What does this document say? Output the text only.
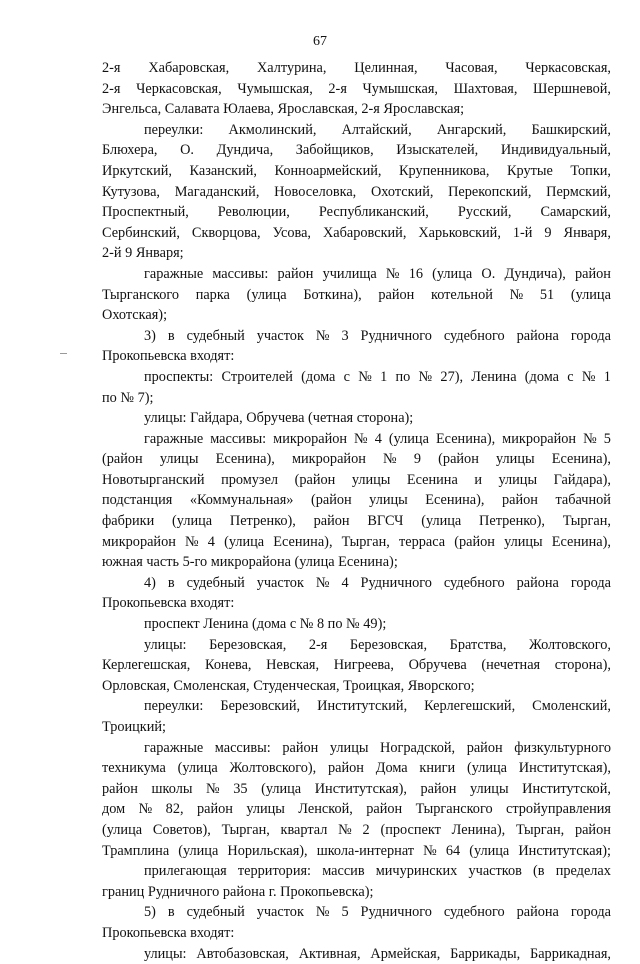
67
2-я Хабаровская, Халтурина, Целинная, Часовая, Черкасовская,
2-я Черкасовская, Чумышская, 2-я Чумышская, Шахтовая, Шершневой,
Энгельса, Салавата Юлаева, Ярославская, 2-я Ярославская;
переулки: Акмолинский, Алтайский, Ангарский, Башкирский,
Блюхера, О. Дундича, Забойщиков, Изыскателей, Индивидуальный,
Иркутский, Казанский, Конноармейский, Крупенникова, Крутые Топки,
Кутузова, Магаданский, Новоселовка, Охотский, Перекопский, Пермский,
Проспектный, Революции, Республиканский, Русский, Самарский,
Сербинский, Скворцова, Усова, Хабаровский, Харьковский, 1-й 9 Января,
2-й 9 Января;
гаражные массивы: район училища № 16 (улица О. Дундича), район
Тырганского парка (улица Боткина), район котельной № 51 (улица
Охотская);
3) в судебный участок № 3 Рудничного судебного района города
Прокопьевска входят:
проспекты: Строителей (дома с № 1 по № 27), Ленина (дома с № 1
по № 7);
улицы: Гайдара, Обручева (четная сторона);
гаражные массивы: микрорайон № 4 (улица Есенина), микрорайон № 5
(район улицы Есенина), микрорайон № 9 (район улицы Есенина),
Новотырганский промузел (район улицы Есенина и улицы Гайдара),
подстанция «Коммунальная» (район улицы Есенина), район табачной
фабрики (улица Петренко), район ВГСЧ (улица Петренко), Тырган,
микрорайон № 4 (улица Есенина), Тырган, терраса (район улицы Есенина),
южная часть 5-го микрорайона (улица Есенина);
4) в судебный участок № 4 Рудничного судебного района города
Прокопьевска входят:
проспект Ленина (дома с № 8 по № 49);
улицы: Березовская, 2-я Березовская, Братства, Жолтовского,
Керлегешская, Конева, Невская, Нигреева, Обручева (нечетная сторона),
Орловская, Смоленская, Студенческая, Троицкая, Яворского;
переулки: Березовский, Институтский, Керлегешский, Смоленский,
Троицкий;
гаражные массивы: район улицы Ноградской, район физкультурного
техникума (улица Жолтовского), район Дома книги (улица Институтская),
район школы № 35 (улица Институтская), район улицы Институтской,
дом № 82, район улицы Ленской, район Тырганского стройуправления
(улица Советов), Тырган, квартал № 2 (проспект Ленина), Тырган, район
Трамплина (улица Норильская), школа-интернат № 64 (улица Институтская);
прилегающая территория: массив мичуринских участков (в пределах
границ Рудничного района г. Прокопьевска);
5) в судебный участок № 5 Рудничного судебного района города
Прокопьевска входят:
улицы: Автобазовская, Активная, Армейская, Баррикады, Баррикадная,
